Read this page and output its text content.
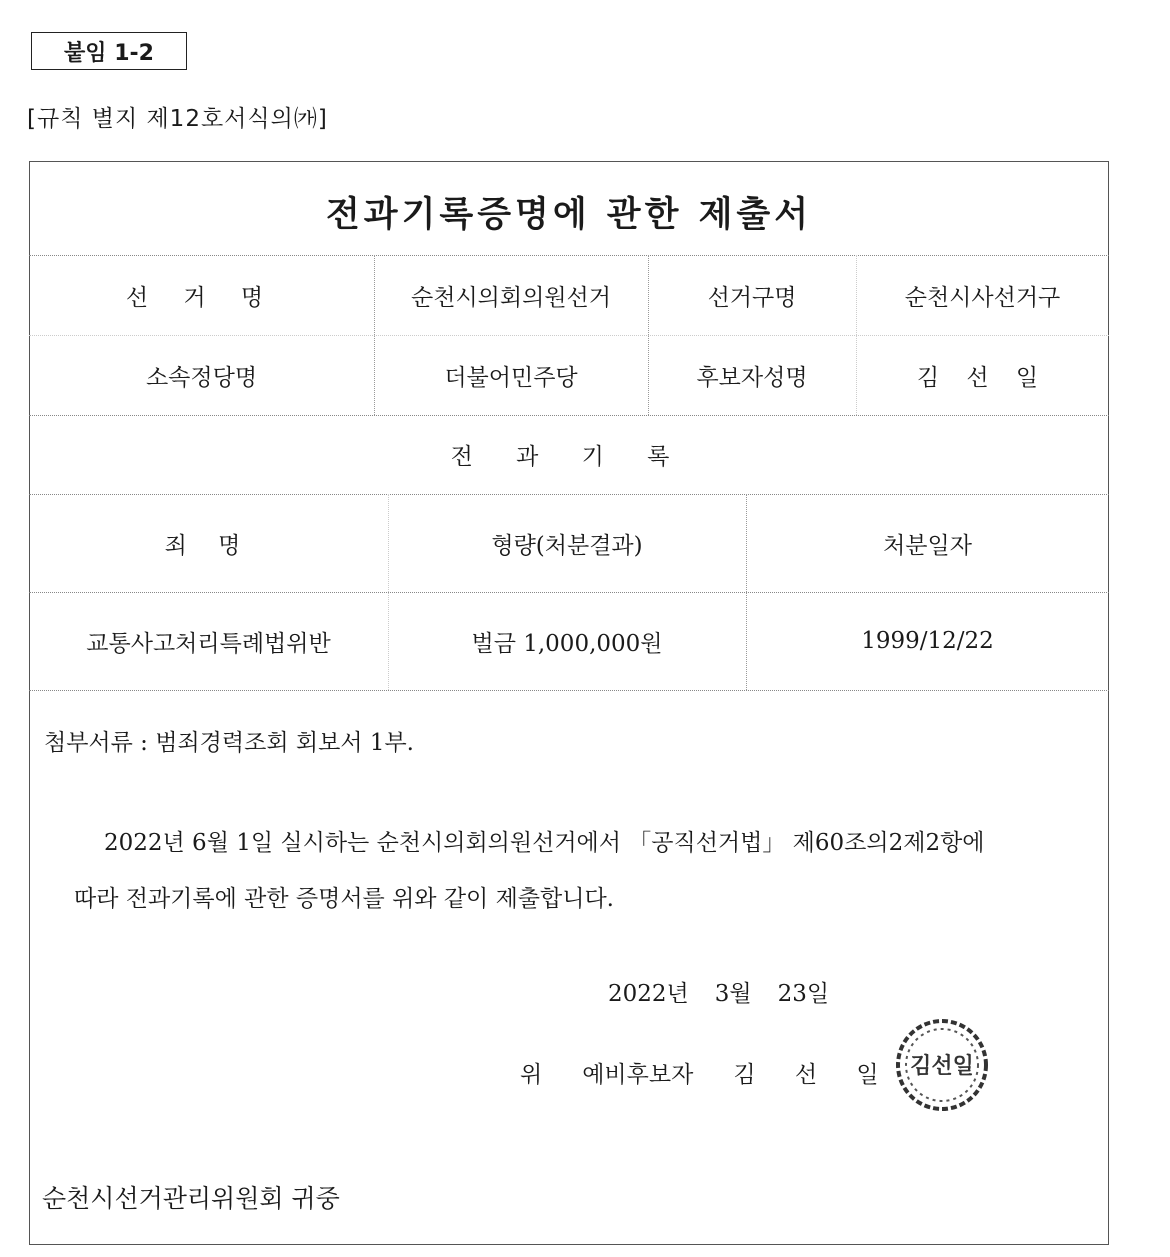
붙임 1-2
[규칙 별지 제12호서식의㈎]
전과기록증명에 관한 제출서
선 거 명	순천시의회의원선거	선거구명	순천시사선거구
소속정당명	더불어민주당	후보자성명	김 선 일
전 과 기 록
죄 명	형량(처분결과)	처분일자
교통사고처리특례법위반	벌금 1,000,000원	1999/12/22
첨부서류 : 범죄경력조회 회보서 1부.

2022년 6월 1일 실시하는 순천시의회의원선거에서 「공직선거법」 제60조의2제2항에

따라 전과기록에 관한 증명서를 위와 같이 제출합니다.

2022년 3월 23일
위 예비후보자 김 선 일 김선일
순천시선거관리위원회 귀중
